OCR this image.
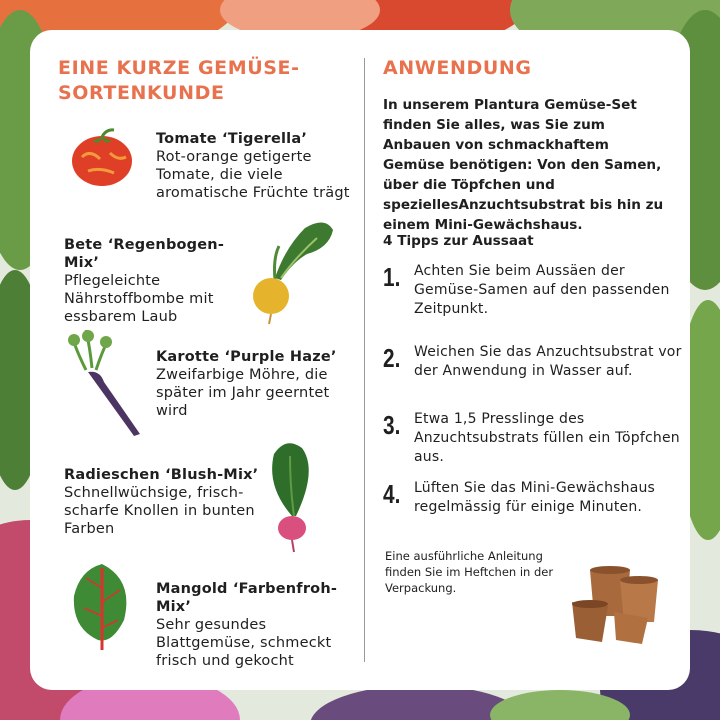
EINE KURZE GEMÜSE-SORTENKUNDE
Tomate ‘Tigerella’
Rot-orange getigerte Tomate, die viele aromatische Früchte trägt
Bete ‘Regenbogen-Mix’
Pflegeleichte Nährstoffbombe mit essbarem Laub
Karotte ‘Purple Haze’
Zweifarbige Möhre, die später im Jahr geerntet wird
Radieschen ‘Blush-Mix’
Schnellwüchsige, frisch-scharfe Knollen in bunten Farben
Mangold ‘Farbenfroh-Mix’
Sehr gesundes Blattgemüse, schmeckt frisch und gekocht
ANWENDUNG

In unserem Plantura Gemüse-Set finden Sie alles, was Sie zum Anbauen von schmackhaftem Gemüse benötigen: Von den Samen, über die Töpfchen und speziellesAnzuchtsubstrat bis hin zu einem Mini-Gewächshaus.

4 Tipps zur Aussaat
1. Achten Sie beim Aussäen der Gemüse-Samen auf den passenden Zeitpunkt.
2. Weichen Sie das Anzuchtsubstrat vor der Anwendung in Wasser auf.
3. Etwa 1,5 Presslinge des Anzuchtsubstrats füllen ein Töpfchen aus.
4. Lüften Sie das Mini-Gewächshaus regelmässig für einige Minuten.

Eine ausführliche Anleitung finden Sie im Heftchen in der Verpackung.
